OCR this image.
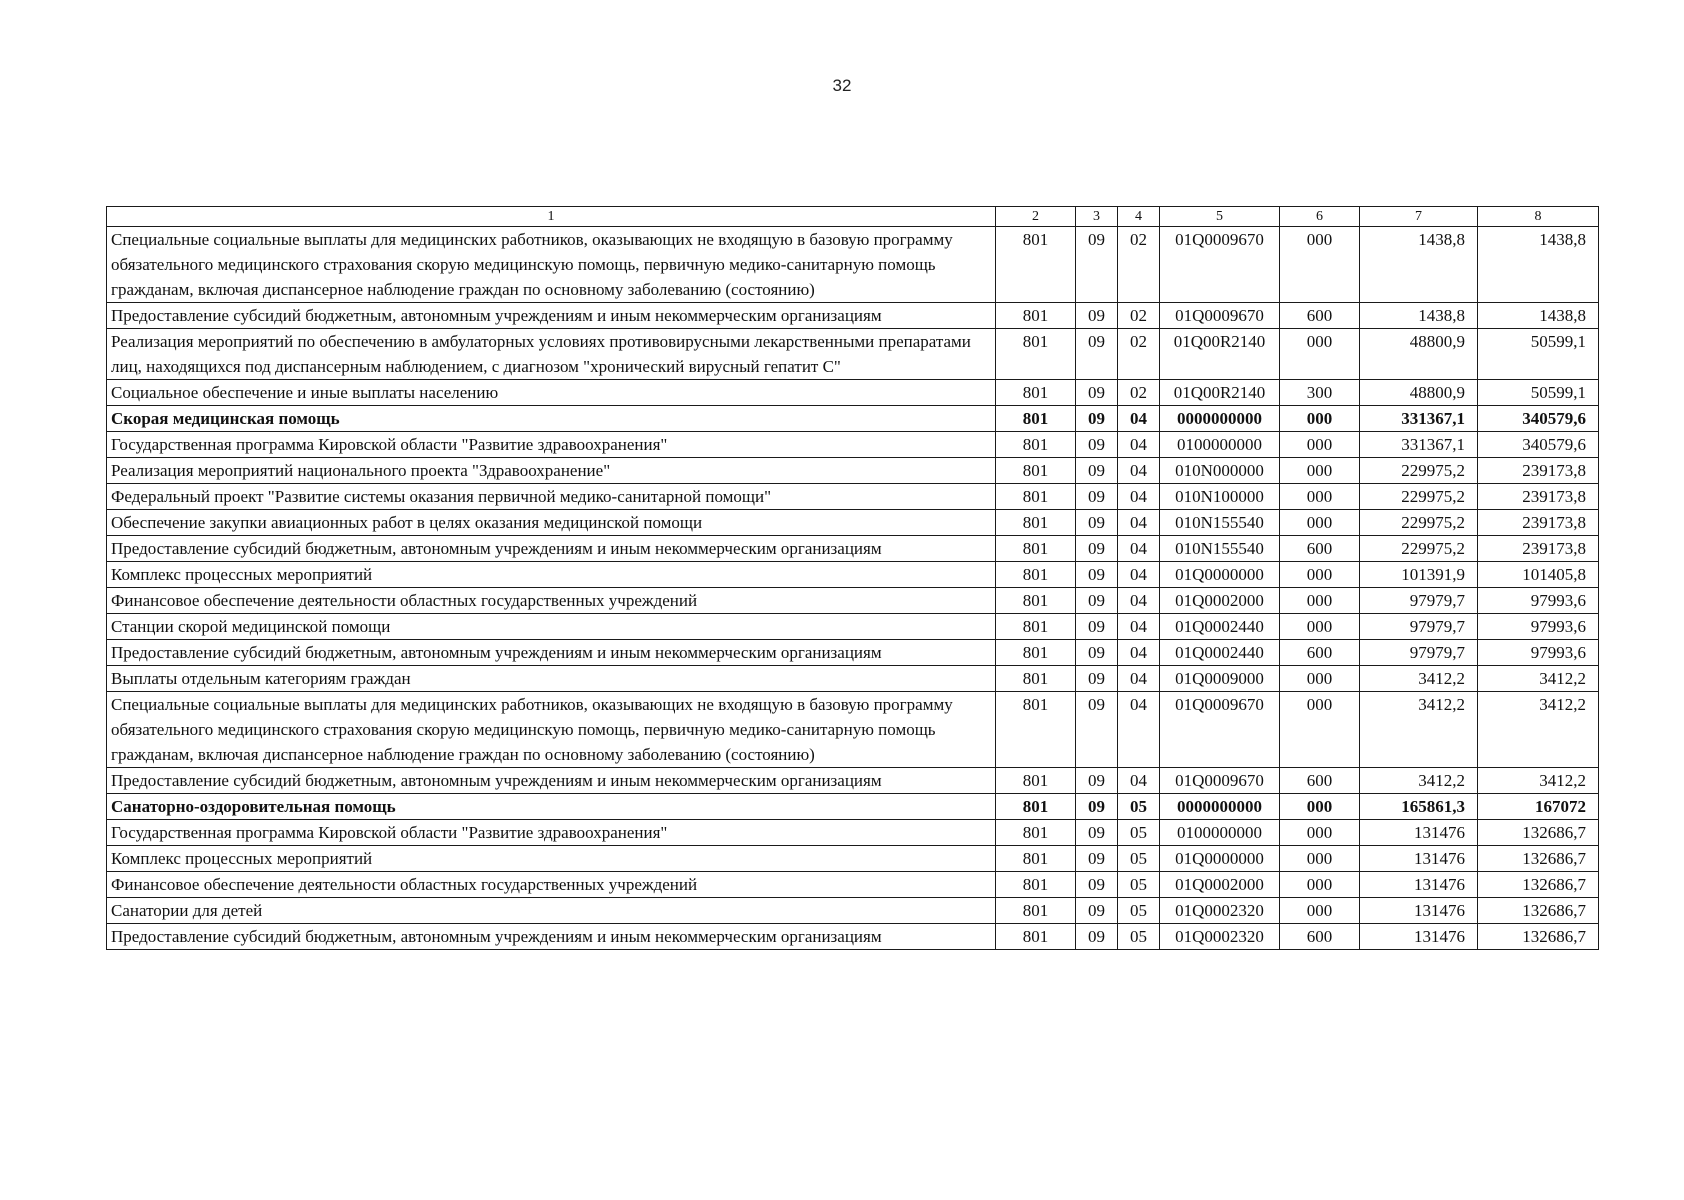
32
1	2	3	4	5	6	7	8
Специальные социальные выплаты для медицинских работников, оказывающих не входящую в базовую программу обязательного медицинского страхования скорую медицинскую помощь, первичную медико-санитарную помощь гражданам, включая диспансерное наблюдение граждан по основному заболеванию (состоянию)	801	09	02	01Q0009670	000	1438,8	1438,8
Предоставление субсидий бюджетным, автономным учреждениям и иным некоммерческим организациям	801	09	02	01Q0009670	600	1438,8	1438,8
Реализация мероприятий по обеспечению в амбулаторных условиях противовирусными лекарственными препаратами лиц, находящихся под диспансерным наблюдением, с диагнозом "хронический вирусный гепатит С"	801	09	02	01Q00R2140	000	48800,9	50599,1
Социальное обеспечение и иные выплаты населению	801	09	02	01Q00R2140	300	48800,9	50599,1
Скорая медицинская помощь	801	09	04	0000000000	000	331367,1	340579,6
Государственная программа Кировской области "Развитие здравоохранения"	801	09	04	0100000000	000	331367,1	340579,6
Реализация мероприятий национального проекта "Здравоохранение"	801	09	04	010N000000	000	229975,2	239173,8
Федеральный проект "Развитие системы оказания первичной медико-санитарной помощи"	801	09	04	010N100000	000	229975,2	239173,8
Обеспечение закупки авиационных работ в целях оказания медицинской помощи	801	09	04	010N155540	000	229975,2	239173,8
Предоставление субсидий бюджетным, автономным учреждениям и иным некоммерческим организациям	801	09	04	010N155540	600	229975,2	239173,8
Комплекс процессных мероприятий	801	09	04	01Q0000000	000	101391,9	101405,8
Финансовое обеспечение деятельности областных государственных учреждений	801	09	04	01Q0002000	000	97979,7	97993,6
Станции скорой медицинской помощи	801	09	04	01Q0002440	000	97979,7	97993,6
Предоставление субсидий бюджетным, автономным учреждениям и иным некоммерческим организациям	801	09	04	01Q0002440	600	97979,7	97993,6
Выплаты отдельным категориям граждан	801	09	04	01Q0009000	000	3412,2	3412,2
Специальные социальные выплаты для медицинских работников, оказывающих не входящую в базовую программу обязательного медицинского страхования скорую медицинскую помощь, первичную медико-санитарную помощь гражданам, включая диспансерное наблюдение граждан по основному заболеванию (состоянию)	801	09	04	01Q0009670	000	3412,2	3412,2
Предоставление субсидий бюджетным, автономным учреждениям и иным некоммерческим организациям	801	09	04	01Q0009670	600	3412,2	3412,2
Санаторно-оздоровительная помощь	801	09	05	0000000000	000	165861,3	167072
Государственная программа Кировской области "Развитие здравоохранения"	801	09	05	0100000000	000	131476	132686,7
Комплекс процессных мероприятий	801	09	05	01Q0000000	000	131476	132686,7
Финансовое обеспечение деятельности областных государственных учреждений	801	09	05	01Q0002000	000	131476	132686,7
Санатории для детей	801	09	05	01Q0002320	000	131476	132686,7
Предоставление субсидий бюджетным, автономным учреждениям и иным некоммерческим организациям	801	09	05	01Q0002320	600	131476	132686,7
